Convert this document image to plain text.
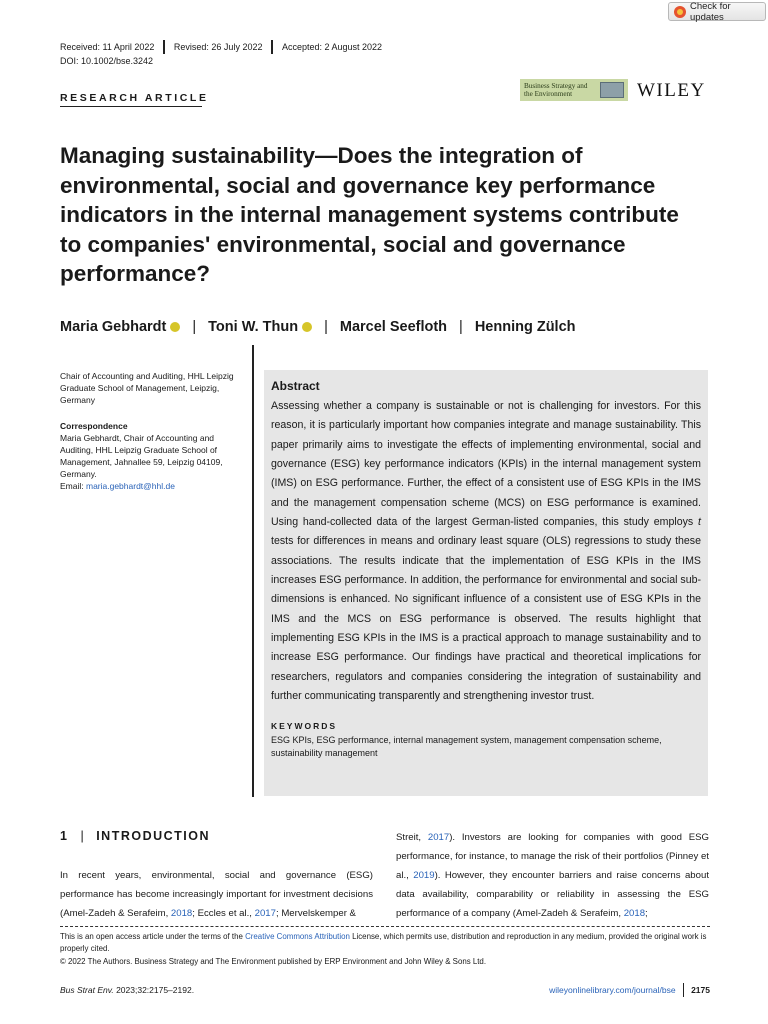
Check for updates
Received: 11 April 2022 Revised: 26 July 2022 Accepted: 2 August 2022
DOI: 10.1002/bse.3242
RESEARCH ARTICLE
Business Strategy and the Environment	WILEY
Managing sustainability—Does the integration of environmental, social and governance key performance indicators in the internal management systems contribute to companies' environmental, social and governance performance?
Maria Gebhardt | Toni W. Thun | Marcel Seefloth | Henning Zülch
Chair of Accounting and Auditing, HHL Leipzig Graduate School of Management, Leipzig, Germany
Correspondence
Maria Gebhardt, Chair of Accounting and Auditing, HHL Leipzig Graduate School of Management, Jahnallee 59, Leipzig 04109, Germany.
Email: maria.gebhardt@hhl.de
Abstract

Assessing whether a company is sustainable or not is challenging for investors. For this reason, it is particularly important how companies integrate and manage sustainability. This paper primarily aims to investigate the effects of implementing environmental, social and governance (ESG) key performance indicators (KPIs) in the internal management system (IMS) on ESG performance. Further, the effect of a consistent use of ESG KPIs in the IMS and the management compensation scheme (MCS) on ESG performance is examined. Using hand-collected data of the largest German-listed companies, this study employs t tests for differences in means and ordinary least square (OLS) regressions to study these associations. The results indicate that the implementation of ESG KPIs in the IMS increases ESG performance. In addition, the performance for environmental and social sub-dimensions is enhanced. No significant influence of a consistent use of ESG KPIs in the IMS and the MCS on ESG performance is observed. The results highlight that implementing ESG KPIs in the IMS is a practical approach to manage sustainability and to increase ESG performance. Our findings have practical and theoretical implications for researchers, regulators and companies considering the integration of sustainability and further communicating transparently and strengthening investor trust.

KEYWORDS
ESG KPIs, ESG performance, internal management system, management compensation scheme, sustainability management
1 | INTRODUCTION

In recent years, environmental, social and governance (ESG) performance has become increasingly important for investment decisions (Amel-Zadeh & Serafeim, 2018; Eccles et al., 2017; Mervelskemper &

Streit, 2017). Investors are looking for companies with good ESG performance, for instance, to manage the risk of their portfolios (Pinney et al., 2019). However, they encounter barriers and raise concerns about data availability, comparability or reliability in assessing the ESG performance of a company (Amel-Zadeh & Serafeim, 2018;

This is an open access article under the terms of the Creative Commons Attribution License, which permits use, distribution and reproduction in any medium, provided the original work is properly cited.
© 2022 The Authors. Business Strategy and The Environment published by ERP Environment and John Wiley & Sons Ltd.
Bus Strat Env. 2023;32:2175–2192.	wileyonlinelibrary.com/journal/bse 2175
